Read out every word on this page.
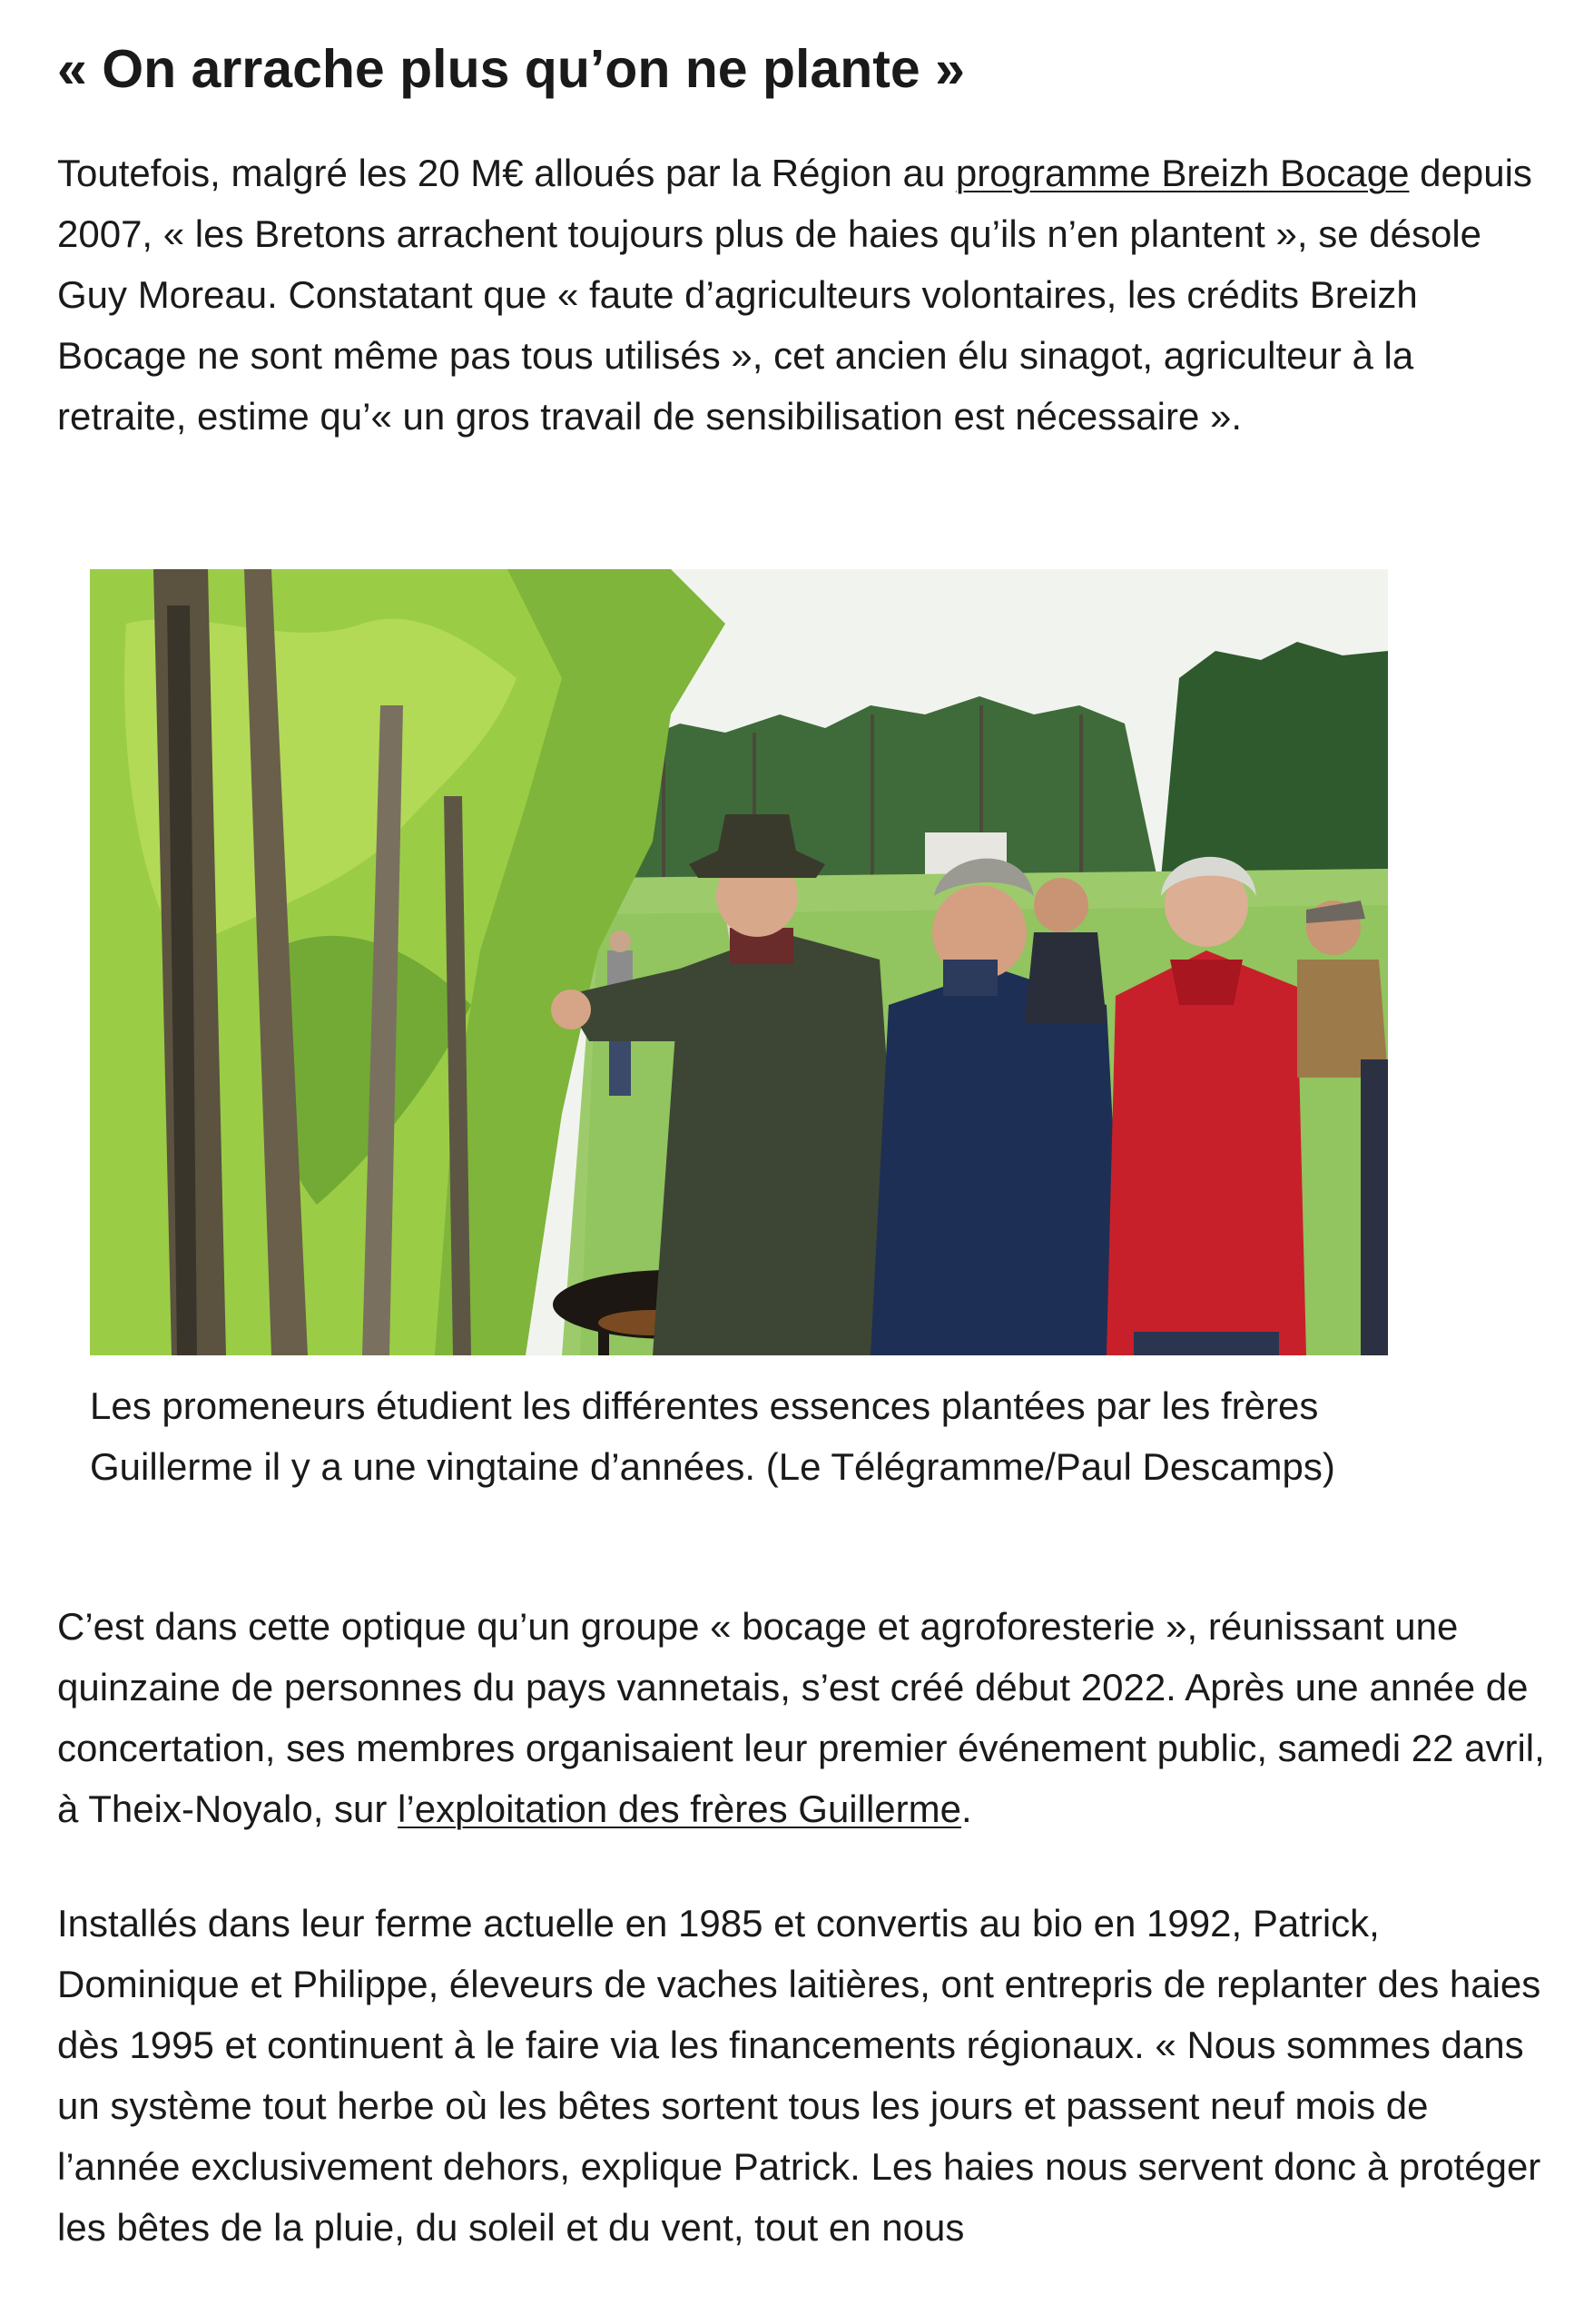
« On arrache plus qu’on ne plante »

Toutefois, malgré les 20 M€ alloués par la Région au programme Breizh Bocage depuis 2007, « les Bretons arrachent toujours plus de haies qu’ils n’en plantent », se désole Guy Moreau. Constatant que « faute d’agriculteurs volontaires, les crédits Breizh Bocage ne sont même pas tous utilisés », cet ancien élu sinagot, agriculteur à la retraite, estime qu’« un gros travail de sensibilisation est nécessaire ».

Les promeneurs étudient les différentes essences plantées par les frères Guillerme il y a une vingtaine d’années. (Le Télégramme/Paul Descamps)

C’est dans cette optique qu’un groupe « bocage et agroforesterie », réunissant une quinzaine de personnes du pays vannetais, s’est créé début 2022. Après une année de concertation, ses membres organisaient leur premier événement public, samedi 22 avril, à Theix-Noyalo, sur l’exploitation des frères Guillerme.

Installés dans leur ferme actuelle en 1985 et convertis au bio en 1992, Patrick, Dominique et Philippe, éleveurs de vaches laitières, ont entrepris de replanter des haies dès 1995 et continuent à le faire via les financements régionaux. « Nous sommes dans un système tout herbe où les bêtes sortent tous les jours et passent neuf mois de l’année exclusivement dehors, explique Patrick. Les haies nous servent donc à protéger les bêtes de la pluie, du soleil et du vent, tout en nous
